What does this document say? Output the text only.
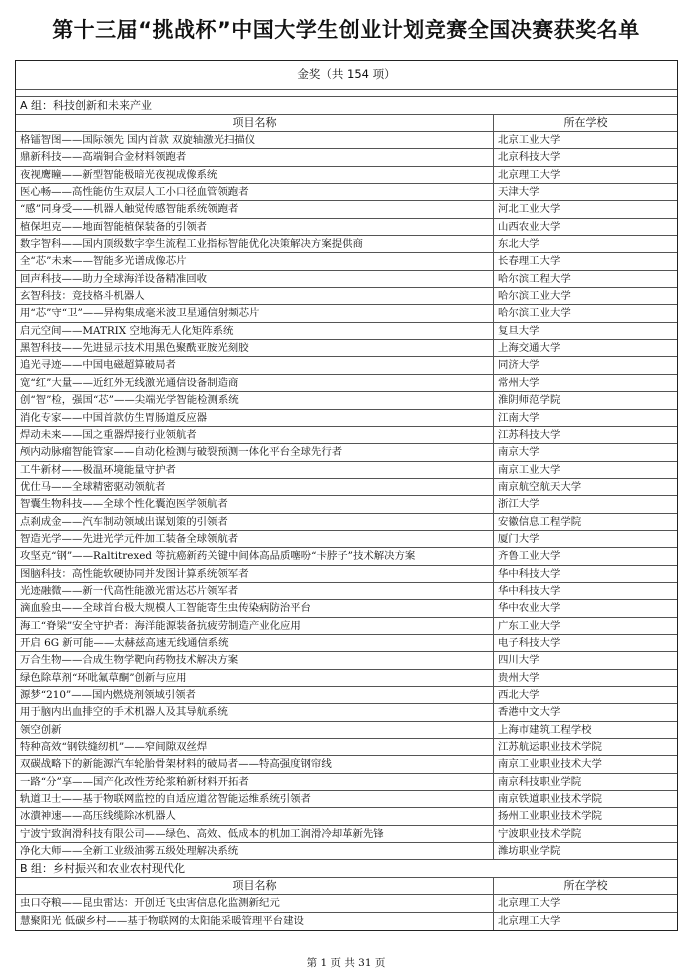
第十三届“挑战杯”中国大学生创业计划竞赛全国决赛获奖名单
金奖（共 154 项）
A 组：科技创新和未来产业
项目名称	所在学校
格镭智图——国际领先 国内首款 双旋轴激光扫描仪	北京工业大学
鼎新科技——高端铜合金材料领跑者	北京科技大学
夜视鹰瞳——新型智能极暗光夜视成像系统	北京理工大学
医心畅——高性能仿生双层人工小口径血管领跑者	天津大学
“感”同身受——机器人触觉传感智能系统领跑者	河北工业大学
植保坦克——地面智能植保装备的引领者	山西农业大学
数字智科——国内顶级数字孪生流程工业指标智能优化决策解决方案提供商	东北大学
全“芯”未来——智能多光谱成像芯片	长春理工大学
回声科技——助力全球海洋设备精准回收	哈尔滨工程大学
玄智科技：竞技格斗机器人	哈尔滨工业大学
用“芯”守“卫”——异构集成毫米波卫星通信射频芯片	哈尔滨工业大学
启元空间——MATRIX 空地海无人化矩阵系统	复旦大学
黑智科技——先进显示技术用黑色聚酰亚胺光刻胶	上海交通大学
追光寻迹——中国电磁超算破局者	同济大学
宽“红”大量——近红外无线激光通信设备制造商	常州大学
创“智”检，强国“芯”——尖端光学智能检测系统	淮阴师范学院
消化专家——中国首款仿生胃肠道反应器	江南大学
焊动未来——国之重器焊接行业领航者	江苏科技大学
颅内动脉瘤智能管家——自动化检测与破裂预测一体化平台全球先行者	南京大学
工牛新材——极温环境能量守护者	南京工业大学
优仕马——全球精密驱动领航者	南京航空航天大学
智囊生物科技——全球个性化囊泡医学领航者	浙江大学
点刹成金——汽车制动领域出谋划策的引领者	安徽信息工程学院
智造光学——先进光学元件加工装备全球领航者	厦门大学
攻坚克“钢”——Raltitrexed 等抗癌新药关键中间体高品质噻吩“卡脖子”技术解决方案	齐鲁工业大学
图脑科技：高性能软硬协同并发图计算系统领军者	华中科技大学
光迹融微——新一代高性能激光雷达芯片领军者	华中科技大学
滴血验虫——全球首台极大规模人工智能寄生虫传染病防治平台	华中农业大学
海工“脊梁”安全守护者：海洋能源装备抗疲劳制造产业化应用	广东工业大学
开启 6G 新可能——太赫兹高速无线通信系统	电子科技大学
万合生物——合成生物学靶向药物技术解决方案	四川大学
绿色除草剂“环吡氟草酮”创新与应用	贵州大学
源梦“210”——国内燃烧剂领域引领者	西北大学
用于脑内出血排空的手术机器人及其导航系统	香港中文大学
领空创新	上海市建筑工程学校
特种高效“钢铁缝纫机”——窄间隙双丝焊	江苏航运职业技术学院
双碳战略下的新能源汽车轮胎骨架材料的破局者——特高强度钢帘线	南京工业职业技术大学
一路“分”享——国产化改性芳纶浆粕新材料开拓者	南京科技职业学院
轨道卫士——基于物联网监控的自适应道岔智能运维系统引领者	南京铁道职业技术学院
冰潰神速——高压线缆除冰机器人	扬州工业职业技术学院
宁波宁致润滑科技有限公司——绿色、高效、低成本的机加工润滑冷却革新先锋	宁波职业技术学院
净化大师——全新工业级油雾五级处理解决系统	潍坊职业学院
B 组：乡村振兴和农业农村现代化
项目名称	所在学校
虫口夺粮——昆虫雷达：开创迁飞虫害信息化监测新纪元	北京理工大学
慧聚阳光 低碳乡村——基于物联网的太阳能采暖管理平台建设	北京理工大学
第 1 页 共 31 页
